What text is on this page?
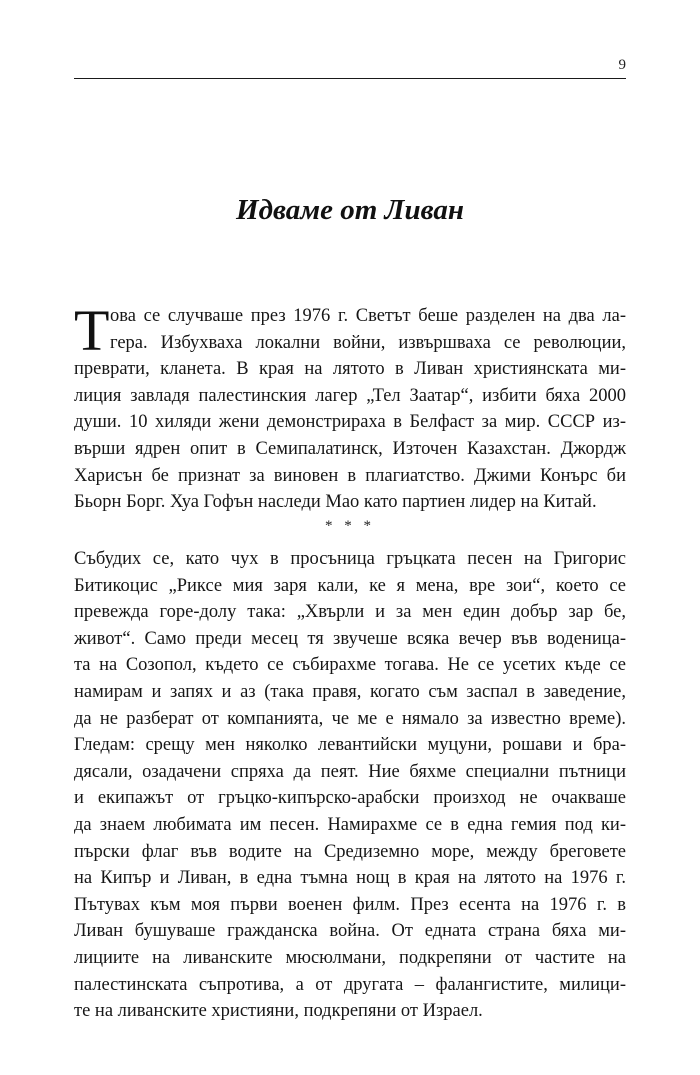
9
Идваме от Ливан
Т ова се случваше през 1976 г. Светът беше разделен на два ла-
гера. Избухваха локални войни, извършваха се революции,
преврати, кланета. В края на лятото в Ливан християнската ми-
лиция завладя палестинския лагер „Тел Заатар“, избити бяха 2000
души. 10 хиляди жени демонстрираха в Белфаст за мир. СССР из-
върши ядрен опит в Семипалатинск, Източен Казахстан. Джордж
Харисън бе признат за виновен в плагиатство. Джими Конърс би
Бьорн Борг. Хуа Гофън наследи Мао като партиен лидер на Китай.
* * *
Събудих се, като чух в просъница гръцката песен на Григорис
Битикоцис „Риксе мия заря кали, ке я мена, вре зои“, което се
превежда горе-долу така: „Хвърли и за мен един добър зар бе,
живот“. Само преди месец тя звучеше всяка вечер във воденица-
та на Созопол, където се събирахме тогава. Не се усетих къде се
намирам и запях и аз (така правя, когато съм заспал в заведение,
да не разберат от компанията, че ме е нямало за известно време).
Гледам: срещу мен няколко левантийски муцуни, рошави и бра-
дясали, озадачени спряха да пеят. Ние бяхме специални пътници
и екипажът от гръцко-кипърско-арабски произход не очакваше
да знаем любимата им песен. Намирахме се в една гемия под ки-
пърски флаг във водите на Средиземно море, между бреговете
на Кипър и Ливан, в една тъмна нощ в края на лятото на 1976 г.
Пътувах към моя първи военен филм. През есента на 1976 г. в
Ливан бушуваше гражданска война. От едната страна бяха ми-
лициите на ливанските мюсюлмани, подкрепяни от частите на
палестинската съпротива, а от другата – фалангистите, милици-
те на ливанските християни, подкрепяни от Израел.
